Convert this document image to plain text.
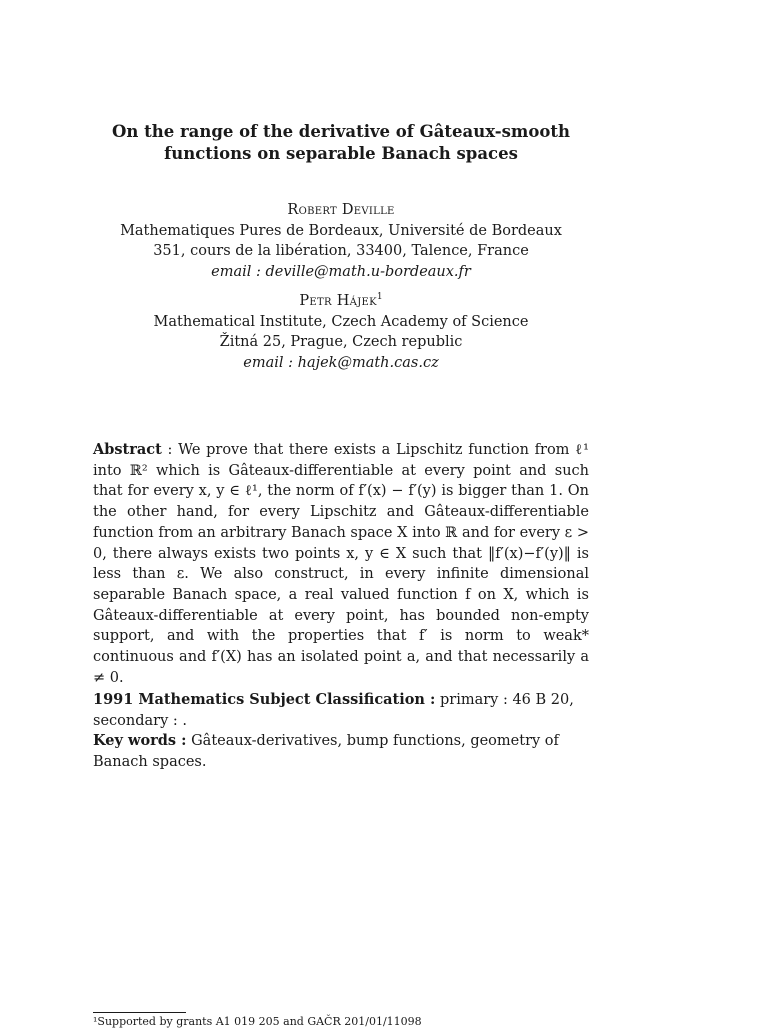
On the range of the derivative of Gâteaux-smooth
functions on separable Banach spaces
Robert Deville
Mathematiques Pures de Bordeaux, Université de Bordeaux
351, cours de la libération, 33400, Talence, France
email : deville@math.u-bordeaux.fr
Petr Hájek$^1$
Mathematical Institute, Czech Academy of Science
Žitná 25, Prague, Czech republic
email : hajek@math.cas.cz

Abstract : We prove that there exists a Lipschitz function from ℓ¹ into ℝ² which is Gâteaux-differentiable at every point and such that for every x, y ∈ ℓ¹, the norm of f′(x) − f′(y) is bigger than 1. On the other hand, for every Lipschitz and Gâteaux-differentiable function from an arbitrary Banach space X into ℝ and for every ε > 0, there always exists two points x, y ∈ X such that ‖f′(x)−f′(y)‖ is less than ε. We also construct, in every infinite dimensional separable Banach space, a real valued function f on X, which is Gâteaux-differentiable at every point, has bounded non-empty support, and with the properties that f′ is norm to weak* continuous and f′(X) has an isolated point a, and that necessarily a ≠ 0.

1991 Mathematics Subject Classification : primary : 46 B 20, secondary : .

Key words : Gâteaux-derivatives, bump functions, geometry of Banach spaces.

¹Supported by grants A1 019 205 and GAČR 201/01/11098
